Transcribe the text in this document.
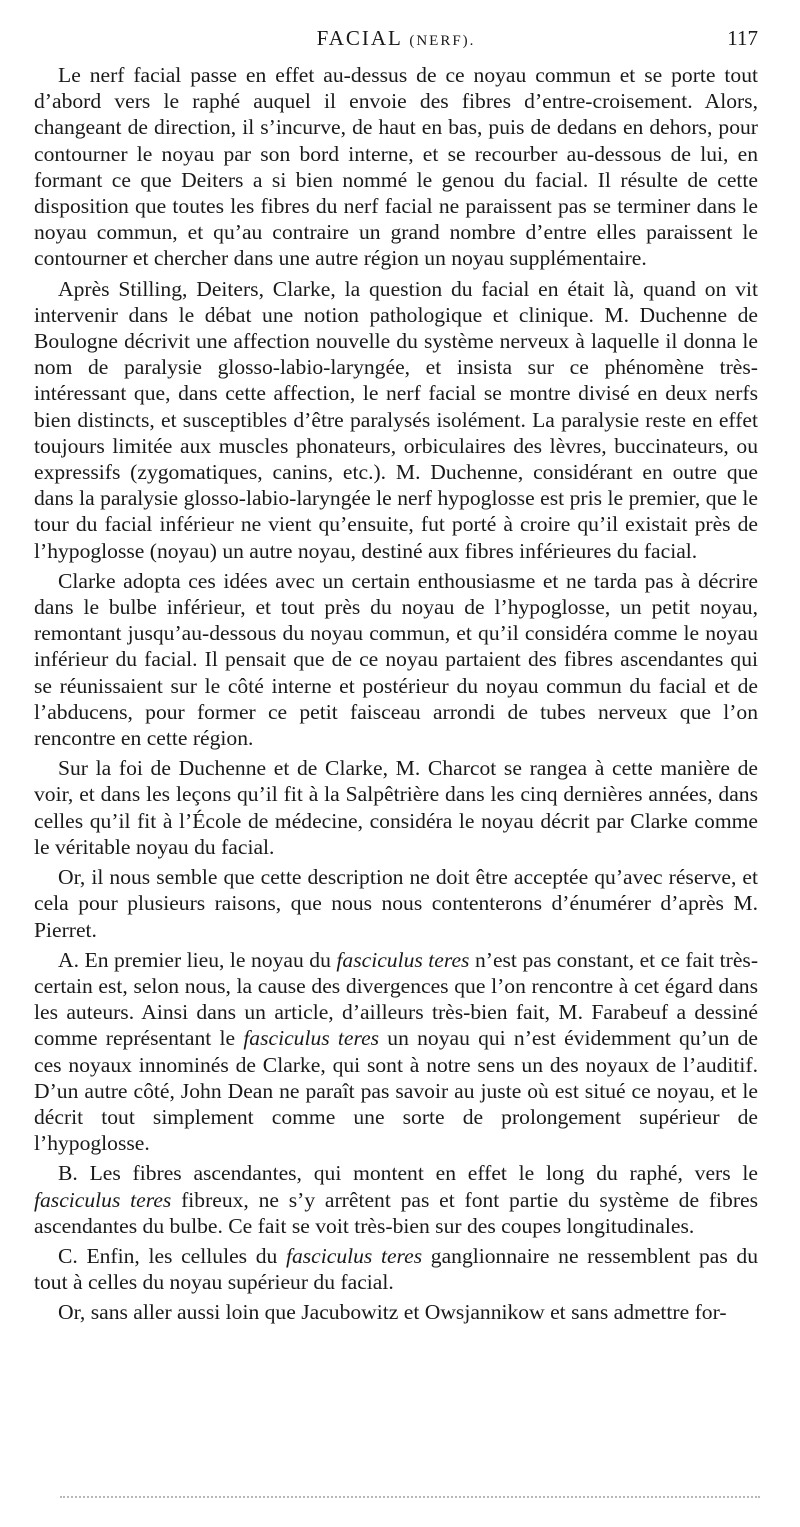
FACIAL (NERF).	117

Le nerf facial passe en effet au-dessus de ce noyau commun et se porte tout d’abord vers le raphé auquel il envoie des fibres d’entre-croisement. Alors, changeant de direction, il s’incurve, de haut en bas, puis de dedans en dehors, pour contourner le noyau par son bord interne, et se recourber au-dessous de lui, en formant ce que Deiters a si bien nommé le genou du facial. Il résulte de cette disposition que toutes les fibres du nerf facial ne paraissent pas se terminer dans le noyau commun, et qu’au contraire un grand nombre d’entre elles paraissent le contourner et chercher dans une autre région un noyau supplémentaire.

Après Stilling, Deiters, Clarke, la question du facial en était là, quand on vit intervenir dans le débat une notion pathologique et clinique. M. Duchenne de Boulogne décrivit une affection nouvelle du système nerveux à laquelle il donna le nom de paralysie glosso-labio-laryngée, et insista sur ce phénomène très-intéressant que, dans cette affection, le nerf facial se montre divisé en deux nerfs bien distincts, et susceptibles d’être paralysés isolément. La paralysie reste en effet toujours limitée aux muscles phonateurs, orbiculaires des lèvres, buccinateurs, ou expressifs (zygomatiques, canins, etc.). M. Duchenne, considérant en outre que dans la paralysie glosso-labio-laryngée le nerf hypoglosse est pris le premier, que le tour du facial inférieur ne vient qu’ensuite, fut porté à croire qu’il existait près de l’hypoglosse (noyau) un autre noyau, destiné aux fibres inférieures du facial.

Clarke adopta ces idées avec un certain enthousiasme et ne tarda pas à décrire dans le bulbe inférieur, et tout près du noyau de l’hypoglosse, un petit noyau, remontant jusqu’au-dessous du noyau commun, et qu’il considéra comme le noyau inférieur du facial. Il pensait que de ce noyau partaient des fibres ascendantes qui se réunissaient sur le côté interne et postérieur du noyau commun du facial et de l’abducens, pour former ce petit faisceau arrondi de tubes nerveux que l’on rencontre en cette région.

Sur la foi de Duchenne et de Clarke, M. Charcot se rangea à cette manière de voir, et dans les leçons qu’il fit à la Salpêtrière dans les cinq dernières années, dans celles qu’il fit à l’École de médecine, considéra le noyau décrit par Clarke comme le véritable noyau du facial.

Or, il nous semble que cette description ne doit être acceptée qu’avec réserve, et cela pour plusieurs raisons, que nous nous contenterons d’énumérer d’après M. Pierret.

A. En premier lieu, le noyau du fasciculus teres n’est pas constant, et ce fait très-certain est, selon nous, la cause des divergences que l’on rencontre à cet égard dans les auteurs. Ainsi dans un article, d’ailleurs très-bien fait, M. Farabeuf a dessiné comme représentant le fasciculus teres un noyau qui n’est évidemment qu’un de ces noyaux innominés de Clarke, qui sont à notre sens un des noyaux de l’auditif. D’un autre côté, John Dean ne paraît pas savoir au juste où est situé ce noyau, et le décrit tout simplement comme une sorte de prolongement supérieur de l’hypoglosse.

B. Les fibres ascendantes, qui montent en effet le long du raphé, vers le fasciculus teres fibreux, ne s’y arrêtent pas et font partie du système de fibres ascendantes du bulbe. Ce fait se voit très-bien sur des coupes longitudinales.

C. Enfin, les cellules du fasciculus teres ganglionnaire ne ressemblent pas du tout à celles du noyau supérieur du facial.

Or, sans aller aussi loin que Jacubowitz et Owsjannikow et sans admettre for-
